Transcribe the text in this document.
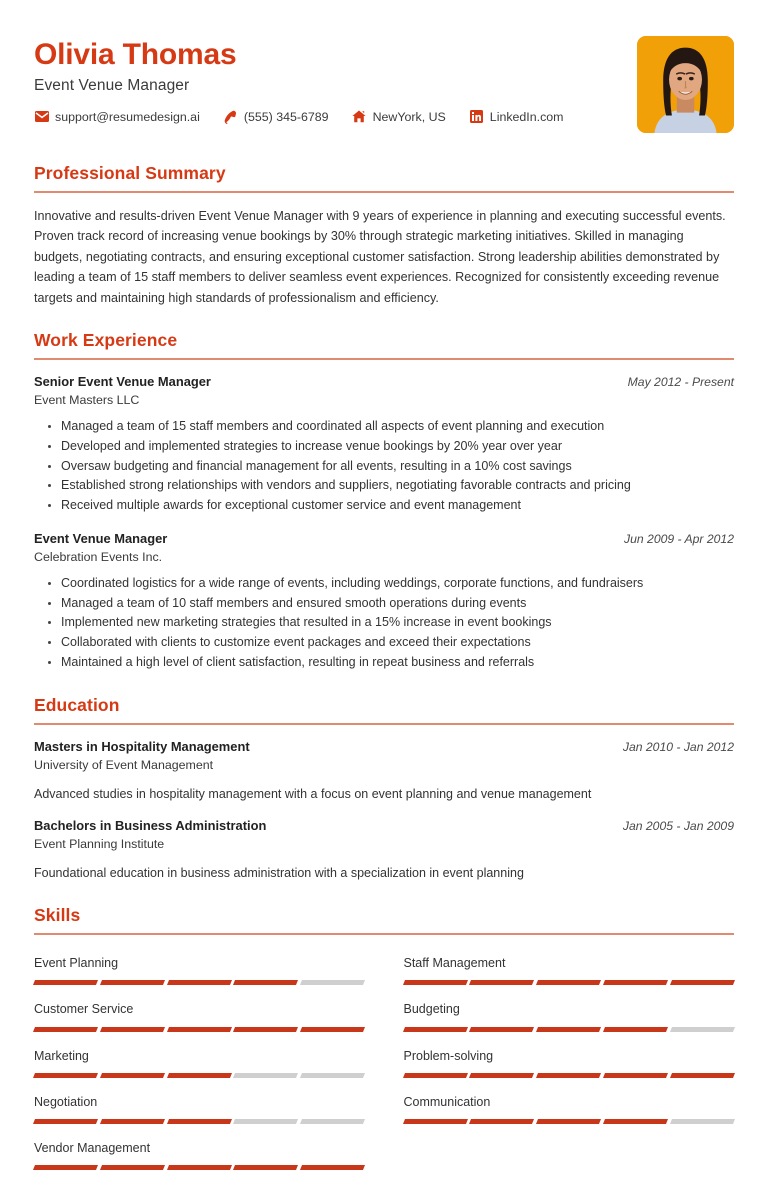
Olivia Thomas
Event Venue Manager
support@resumedesign.ai	(555) 345-6789	NewYork, US	LinkedIn.com
Professional Summary

Innovative and results-driven Event Venue Manager with 9 years of experience in planning and executing successful events. Proven track record of increasing venue bookings by 30% through strategic marketing initiatives. Skilled in managing budgets, negotiating contracts, and ensuring exceptional customer satisfaction. Strong leadership abilities demonstrated by leading a team of 15 staff members to deliver seamless event experiences. Recognized for consistently exceeding revenue targets and maintaining high standards of professionalism and efficiency.

Work Experience
Senior Event Venue Manager	May 2012 - Present
Event Masters LLC
Managed a team of 15 staff members and coordinated all aspects of event planning and execution
Developed and implemented strategies to increase venue bookings by 20% year over year
Oversaw budgeting and financial management for all events, resulting in a 10% cost savings
Established strong relationships with vendors and suppliers, negotiating favorable contracts and pricing
Received multiple awards for exceptional customer service and event management
Event Venue Manager	Jun 2009 - Apr 2012
Celebration Events Inc.
Coordinated logistics for a wide range of events, including weddings, corporate functions, and fundraisers
Managed a team of 10 staff members and ensured smooth operations during events
Implemented new marketing strategies that resulted in a 15% increase in event bookings
Collaborated with clients to customize event packages and exceed their expectations
Maintained a high level of client satisfaction, resulting in repeat business and referrals
Education
Masters in Hospitality Management	Jan 2010 - Jan 2012
University of Event Management
Advanced studies in hospitality management with a focus on event planning and venue management
Bachelors in Business Administration	Jan 2005 - Jan 2009
Event Planning Institute
Foundational education in business administration with a specialization in event planning
Skills
Event Planning
Customer Service
Marketing
Negotiation
Vendor Management
Staff Management
Budgeting
Problem-solving
Communication
